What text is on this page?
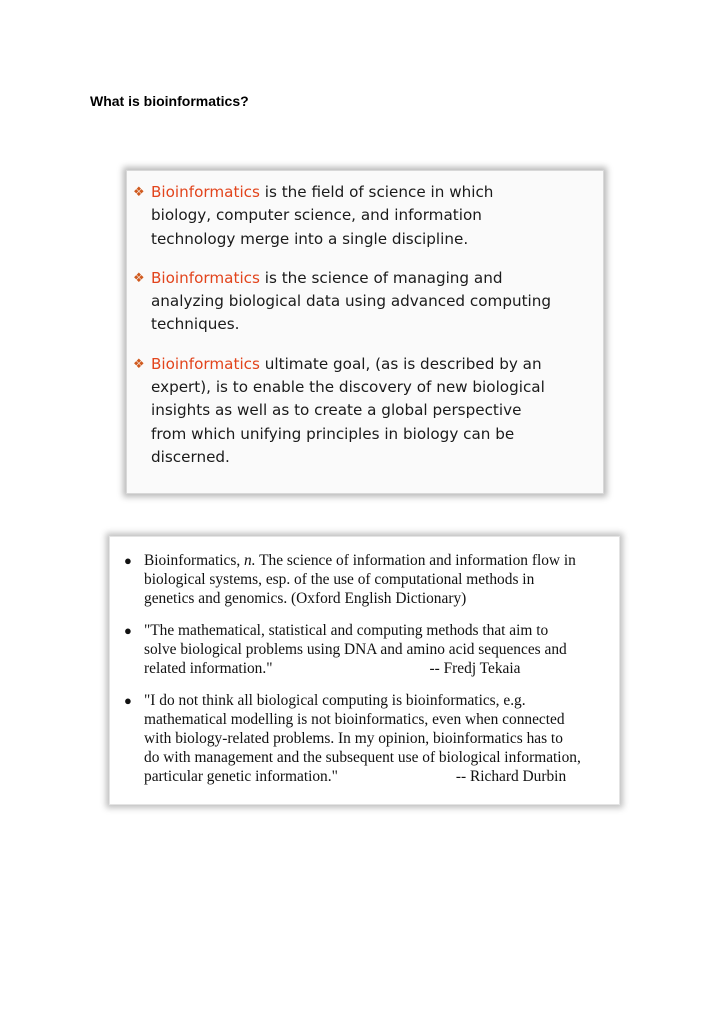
What is bioinformatics?
❖ Bioinformatics is the field of science in which
biology, computer science, and information
technology merge into a single discipline.
❖ Bioinformatics is the science of managing and
analyzing biological data using advanced computing
techniques.
❖ Bioinformatics ultimate goal, (as is described by an
expert), is to enable the discovery of new biological
insights as well as to create a global perspective
from which unifying principles in biology can be
discerned.
● Bioinformatics, n. The science of information and information flow in
biological systems, esp. of the use of computational methods in
genetics and genomics. (Oxford English Dictionary)
● "The mathematical, statistical and computing methods that aim to
solve biological problems using DNA and amino acid sequences and
related information."	-- Fredj Tekaia
● "I do not think all biological computing is bioinformatics, e.g.
mathematical modelling is not bioinformatics, even when connected
with biology-related problems. In my opinion, bioinformatics has to
do with management and the subsequent use of biological information,
particular genetic information."	-- Richard Durbin
